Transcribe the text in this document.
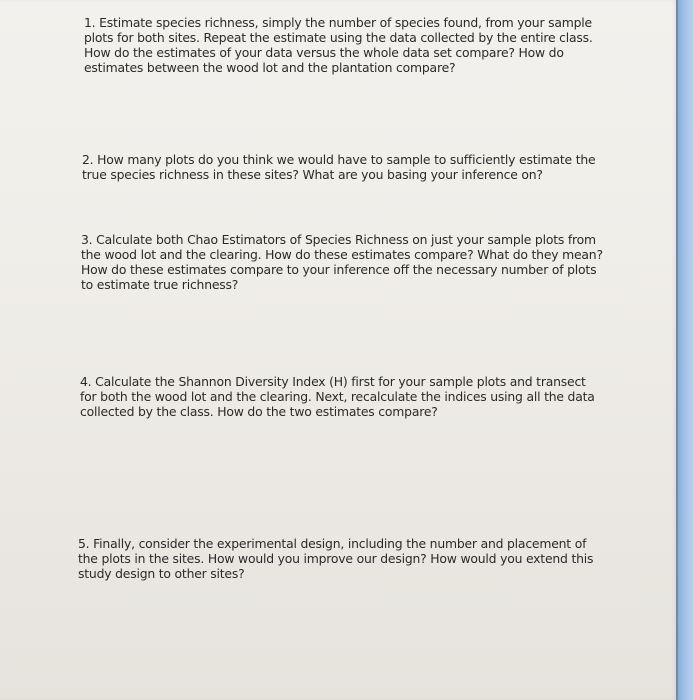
1. Estimate species richness, simply the number of species found, from your sample plots for both sites. Repeat the estimate using the data collected by the entire class. How do the estimates of your data versus the whole data set compare? How do estimates between the wood lot and the plantation compare?

2. How many plots do you think we would have to sample to sufficiently estimate the true species richness in these sites? What are you basing your inference on?

3. Calculate both Chao Estimators of Species Richness on just your sample plots from the wood lot and the clearing. How do these estimates compare? What do they mean? How do these estimates compare to your inference off the necessary number of plots to estimate true richness?

4. Calculate the Shannon Diversity Index (H) first for your sample plots and transect for both the wood lot and the clearing. Next, recalculate the indices using all the data collected by the class. How do the two estimates compare?

5. Finally, consider the experimental design, including the number and placement of the plots in the sites. How would you improve our design? How would you extend this study design to other sites?
